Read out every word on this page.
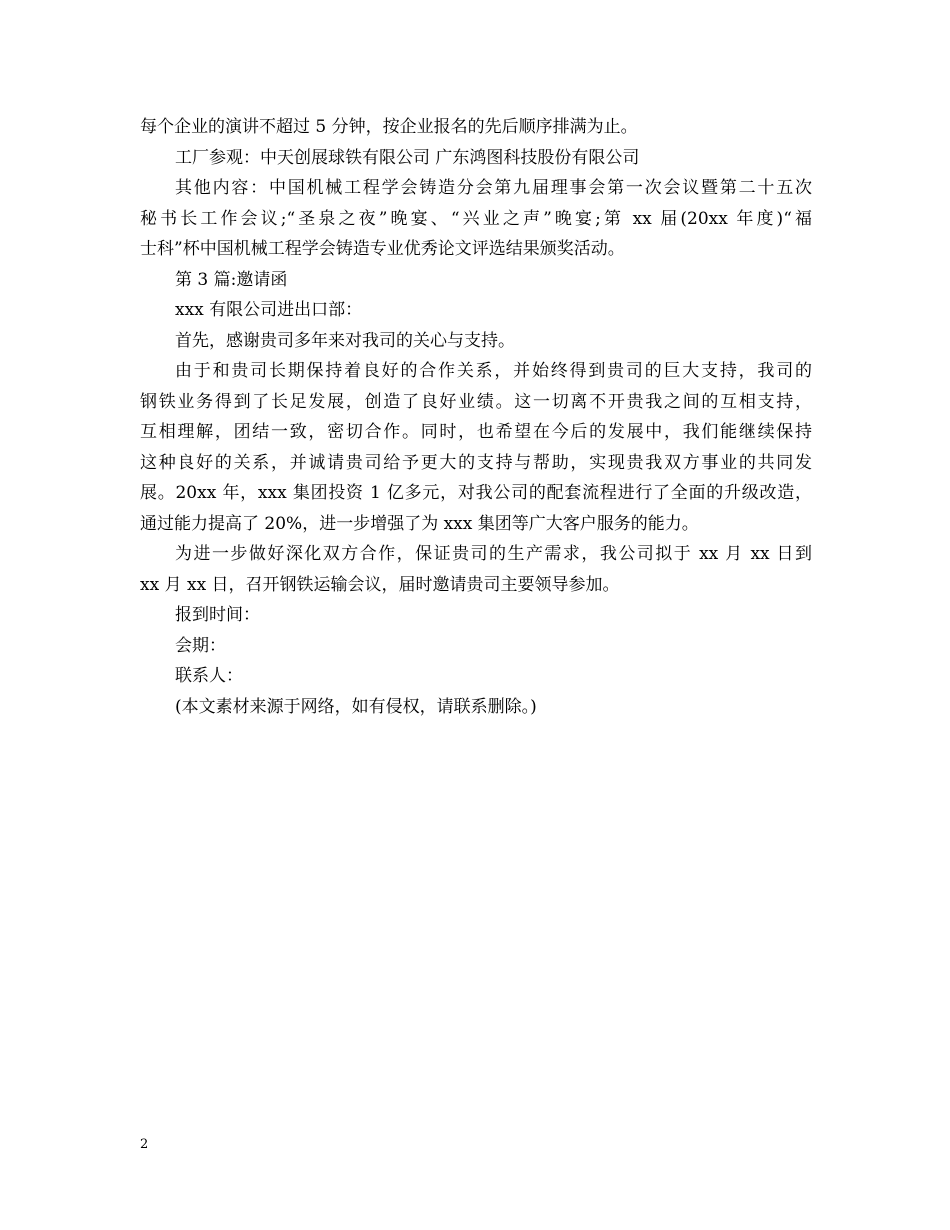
每个企业的演讲不超过 5 分钟，按企业报名的先后顺序排满为止。
工厂参观：中天创展球铁有限公司 广东鸿图科技股份有限公司
其他内容：中国机械工程学会铸造分会第九届理事会第一次会议暨第二十五次
秘书长工作会议;“圣泉之夜”晚宴、“兴业之声”晚宴;第 xx 届(20xx 年度)“福
士科”杯中国机械工程学会铸造专业优秀论文评选结果颁奖活动。
第 3 篇:邀请函
xxx 有限公司进出口部：
首先，感谢贵司多年来对我司的关心与支持。
由于和贵司长期保持着良好的合作关系，并始终得到贵司的巨大支持，我司的
钢铁业务得到了长足发展，创造了良好业绩。这一切离不开贵我之间的互相支持，
互相理解，团结一致，密切合作。同时，也希望在今后的发展中，我们能继续保持
这种良好的关系，并诚请贵司给予更大的支持与帮助，实现贵我双方事业的共同发
展。20xx 年，xxx 集团投资 1 亿多元，对我公司的配套流程进行了全面的升级改造，
通过能力提高了 20%，进一步增强了为 xxx 集团等广大客户服务的能力。
为进一步做好深化双方合作，保证贵司的生产需求，我公司拟于 xx 月 xx 日到
xx 月 xx 日，召开钢铁运输会议，届时邀请贵司主要领导参加。
报到时间：
会期：
联系人：
(本文素材来源于网络，如有侵权，请联系删除。)
2
